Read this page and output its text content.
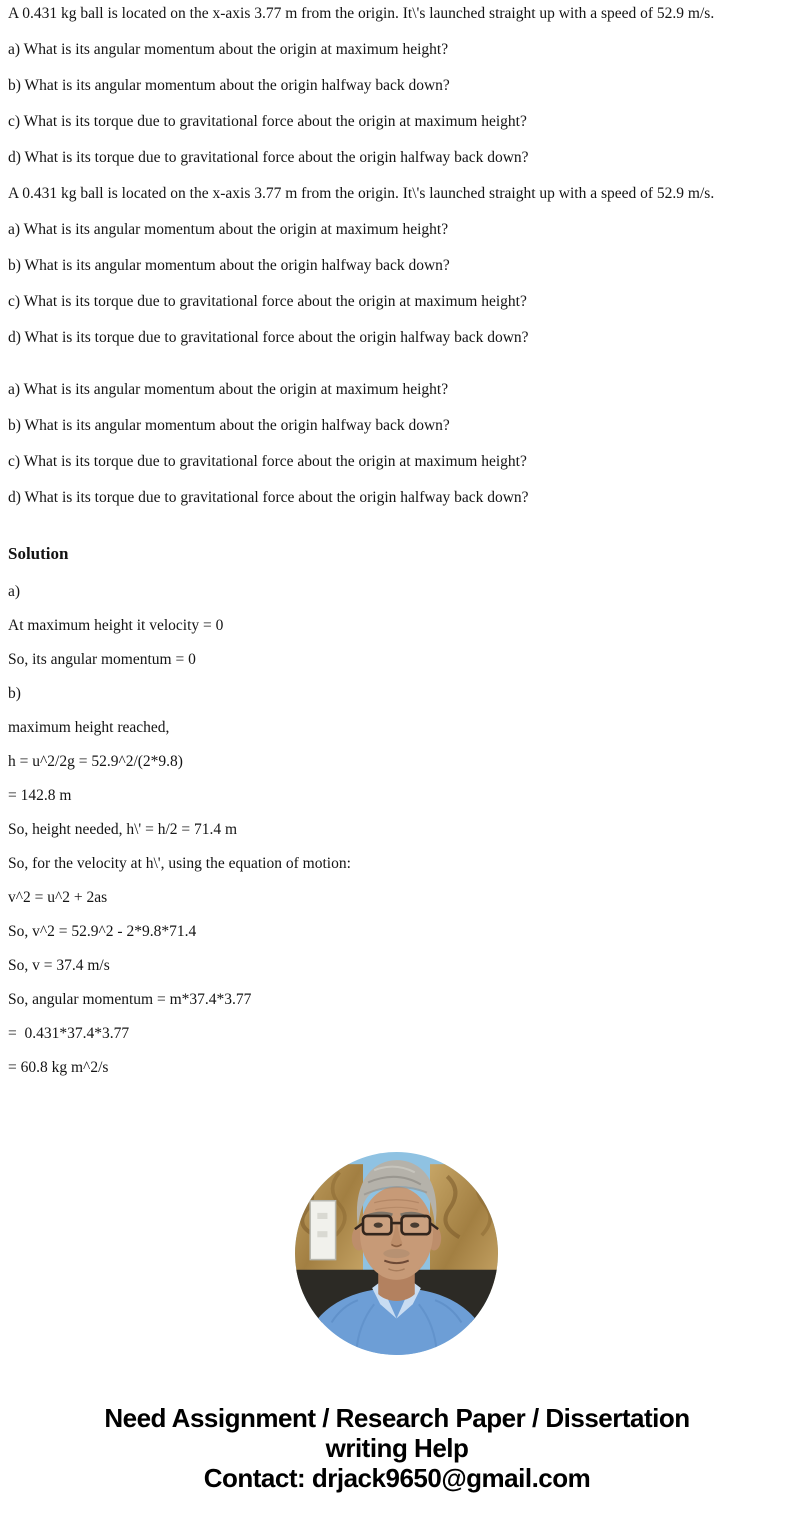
A 0.431 kg ball is located on the x-axis 3.77 m from the origin. It\'s launched straight up with a speed of 52.9 m/s.

a) What is its angular momentum about the origin at maximum height?

b) What is its angular momentum about the origin halfway back down?

c) What is its torque due to gravitational force about the origin at maximum height?

d) What is its torque due to gravitational force about the origin halfway back down?

A 0.431 kg ball is located on the x-axis 3.77 m from the origin. It\'s launched straight up with a speed of 52.9 m/s.

a) What is its angular momentum about the origin at maximum height?

b) What is its angular momentum about the origin halfway back down?

c) What is its torque due to gravitational force about the origin at maximum height?

d) What is its torque due to gravitational force about the origin halfway back down?

a) What is its angular momentum about the origin at maximum height?

b) What is its angular momentum about the origin halfway back down?

c) What is its torque due to gravitational force about the origin at maximum height?

d) What is its torque due to gravitational force about the origin halfway back down?

Solution

a)

At maximum height it velocity = 0

So, its angular momentum = 0

b)

maximum height reached,

h = u^2/2g = 52.9^2/(2*9.8)

= 142.8 m

So, height needed, h\' = h/2 = 71.4 m

So, for the velocity at h\', using the equation of motion:

v^2 = u^2 + 2as

So, v^2 = 52.9^2 - 2*9.8*71.4

So, v = 37.4 m/s

So, angular momentum = m*37.4*3.77

=  0.431*37.4*3.77

= 60.8 kg m^2/s

Need Assignment / Research Paper / Dissertation
writing Help
Contact: drjack9650@gmail.com
